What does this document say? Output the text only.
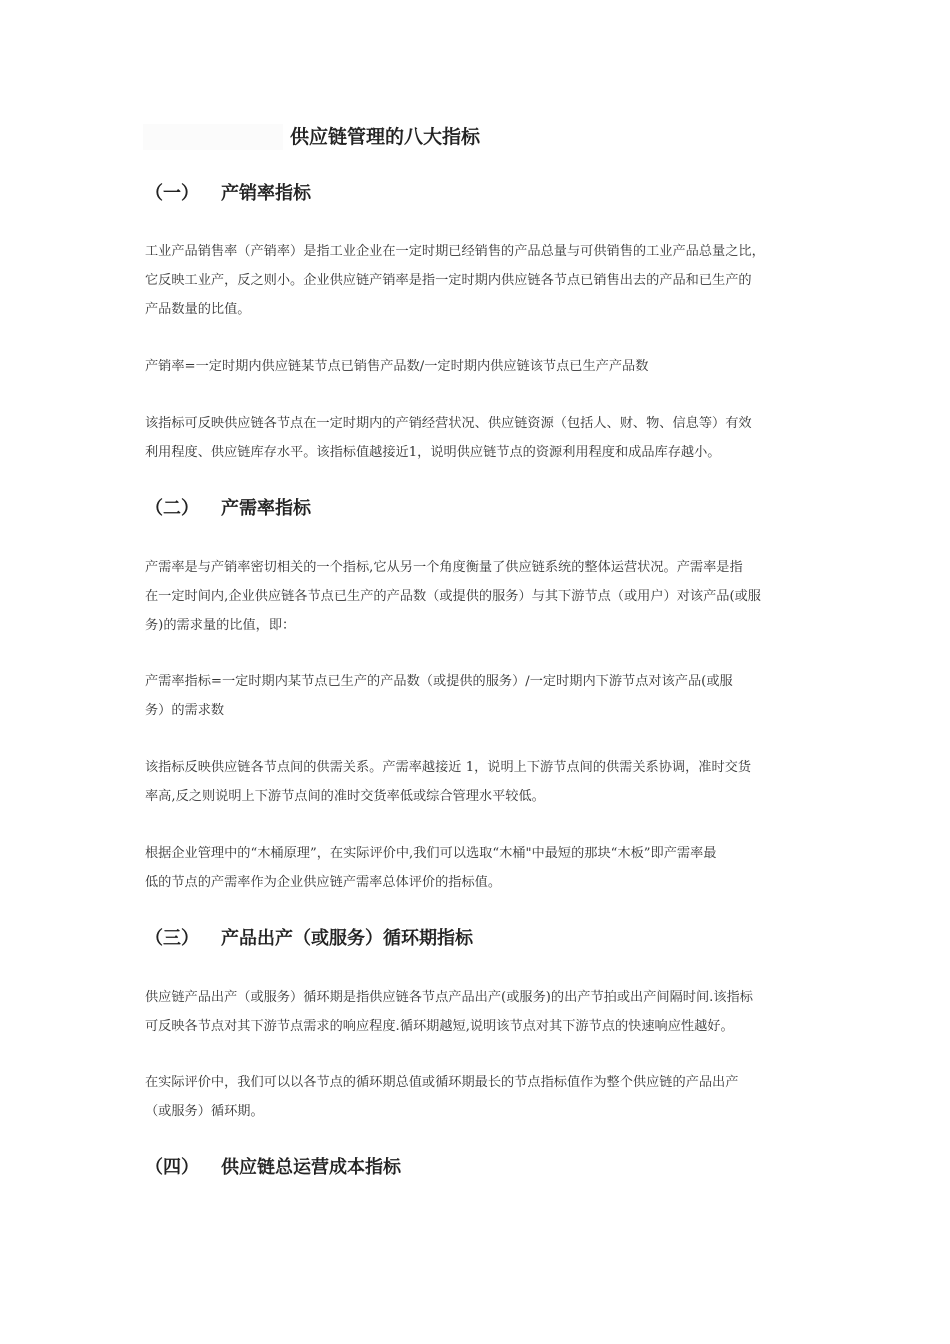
供应链管理的八大指标
（一） 产销率指标
工业产品销售率（产销率）是指工业企业在一定时期已经销售的产品总量与可供销售的工业产品总量之比，
它反映工业产，反之则小。企业供应链产销率是指一定时期内供应链各节点已销售出去的产品和已生产的
产品数量的比值。
产销率=一定时期内供应链某节点已销售产品数/一定时期内供应链该节点已生产产品数
该指标可反映供应链各节点在一定时期内的产销经营状况、供应链资源（包括人、财、物、信息等）有效
利用程度、供应链库存水平。该指标值越接近1，说明供应链节点的资源利用程度和成品库存越小。
（二） 产需率指标
产需率是与产销率密切相关的一个指标,它从另一个角度衡量了供应链系统的整体运营状况。产需率是指
在一定时间内,企业供应链各节点已生产的产品数（或提供的服务）与其下游节点（或用户）对该产品(或服
务)的需求量的比值，即：
产需率指标=一定时期内某节点已生产的产品数（或提供的服务）/一定时期内下游节点对该产品(或服
务）的需求数
该指标反映供应链各节点间的供需关系。产需率越接近 1，说明上下游节点间的供需关系协调，准时交货
率高,反之则说明上下游节点间的准时交货率低或综合管理水平较低。
根据企业管理中的“木桶原理”，在实际评价中,我们可以选取“木桶"中最短的那块“木板”即产需率最
低的节点的产需率作为企业供应链产需率总体评价的指标值。
（三） 产品出产（或服务）循环期指标
供应链产品出产（或服务）循环期是指供应链各节点产品出产(或服务)的出产节拍或出产间隔时间.该指标
可反映各节点对其下游节点需求的响应程度.循环期越短,说明该节点对其下游节点的快速响应性越好。
在实际评价中，我们可以以各节点的循环期总值或循环期最长的节点指标值作为整个供应链的产品出产
（或服务）循环期。
（四） 供应链总运营成本指标
